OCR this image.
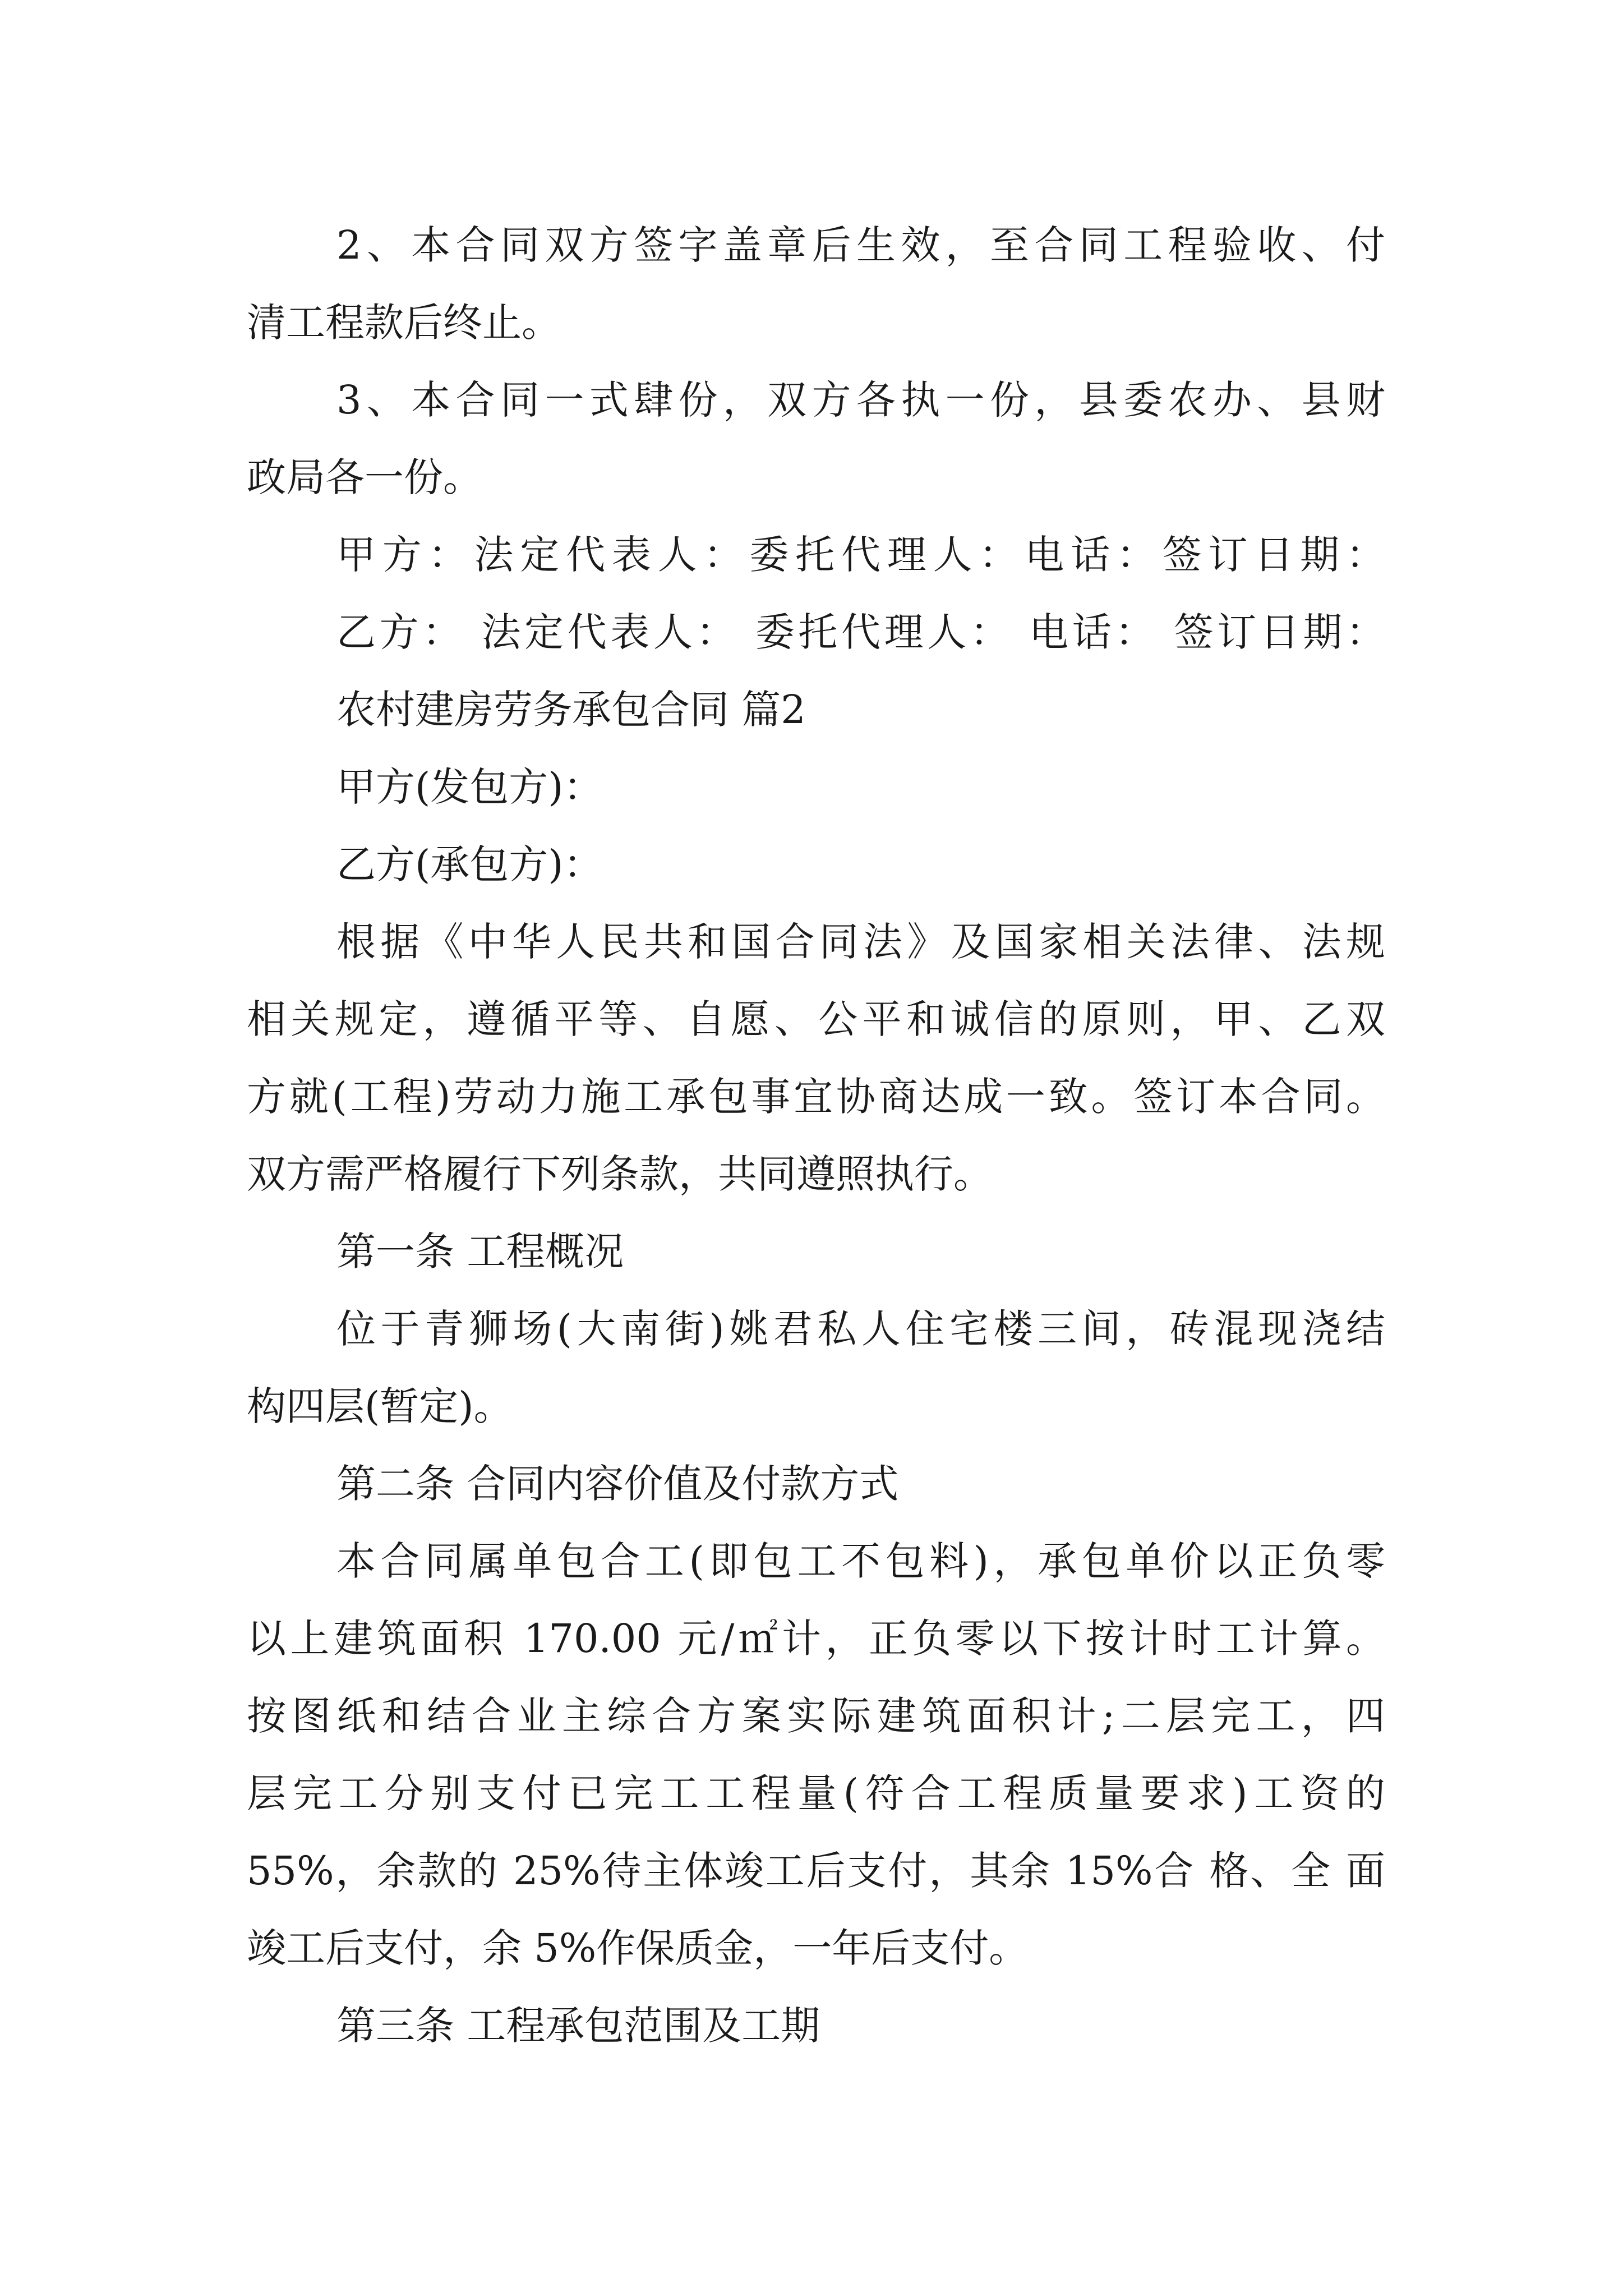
2、本合同双方签字盖章后生效，至合同工程验收、付
清工程款后终止。
3、本合同一式肆份，双方各执一份，县委农办、县财
政局各一份。
甲方：法定代表人：委托代理人：电话：签订日期：
乙方： 法定代表人： 委托代理人： 电话： 签订日期：
农村建房劳务承包合同 篇2
甲方(发包方)：
乙方(承包方)：
根据《中华人民共和国合同法》及国家相关法律、法规
相关规定，遵循平等、自愿、公平和诚信的原则，甲、乙双
方就(工程)劳动力施工承包事宜协商达成一致。签订本合同。
双方需严格履行下列条款，共同遵照执行。
第一条 工程概况
位于青狮场(大南街)姚君私人住宅楼三间，砖混现浇结
构四层(暂定)。
第二条 合同内容价值及付款方式
本合同属单包合工(即包工不包料)，承包单价以正负零
以上建筑面积 170.00 元/㎡计，正负零以下按计时工计算。
按图纸和结合业主综合方案实际建筑面积计;二层完工，四
层完工分别支付已完工工程量(符合工程质量要求)工资的
55%，余款的 25%待主体竣工后支付，其余 15%合 格、全 面
竣工后支付，余 5%作保质金，一年后支付。
第三条 工程承包范围及工期
